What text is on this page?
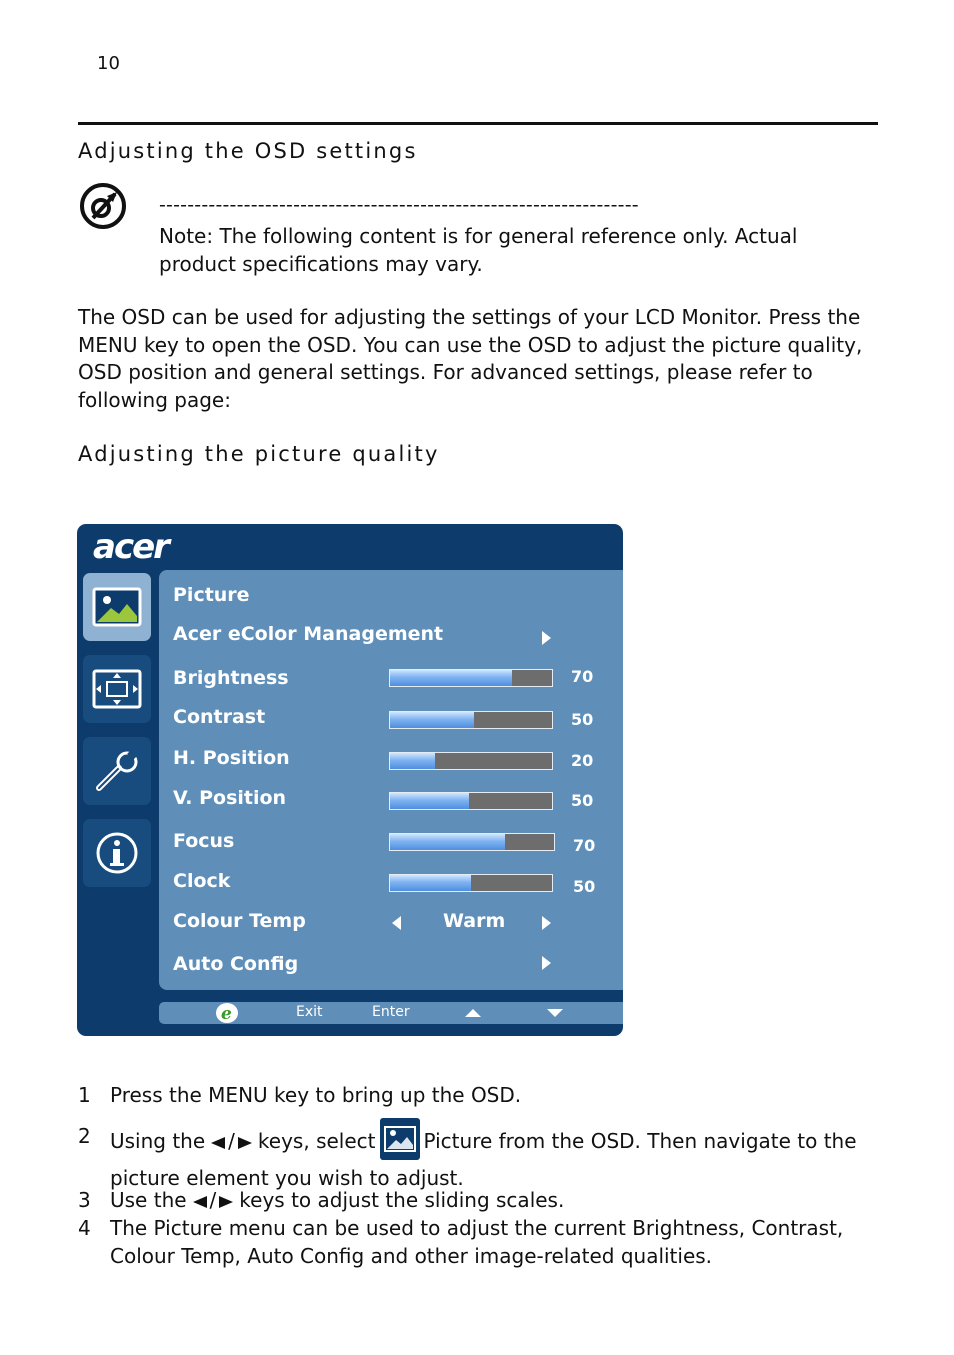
10
Adjusting the OSD settings
--------------------------------------------------------------------
Note: The following content is for general reference only. Actual product specifications may vary.
The OSD can be used for adjusting the settings of your LCD Monitor. Press the MENU key to open the OSD. You can use the OSD to adjust the picture quality, OSD position and general settings. For advanced settings, please refer to following page:
Adjusting the picture quality
acer
Picture
Acer eColor Management
Brightness	70
Contrast	50
H. Position	20
V. Position	50
Focus	70
Clock	50
Colour Temp	Warm
Auto Config
e	Exit	Enter
1 Press the MENU key to bring up the OSD.
2 Using the / keys, select Picture from the OSD. Then navigate to the picture element you wish to adjust.
3 Use the / keys to adjust the sliding scales.
4 The Picture menu can be used to adjust the current Brightness, Contrast, Colour Temp, Auto Config and other image-related qualities.
